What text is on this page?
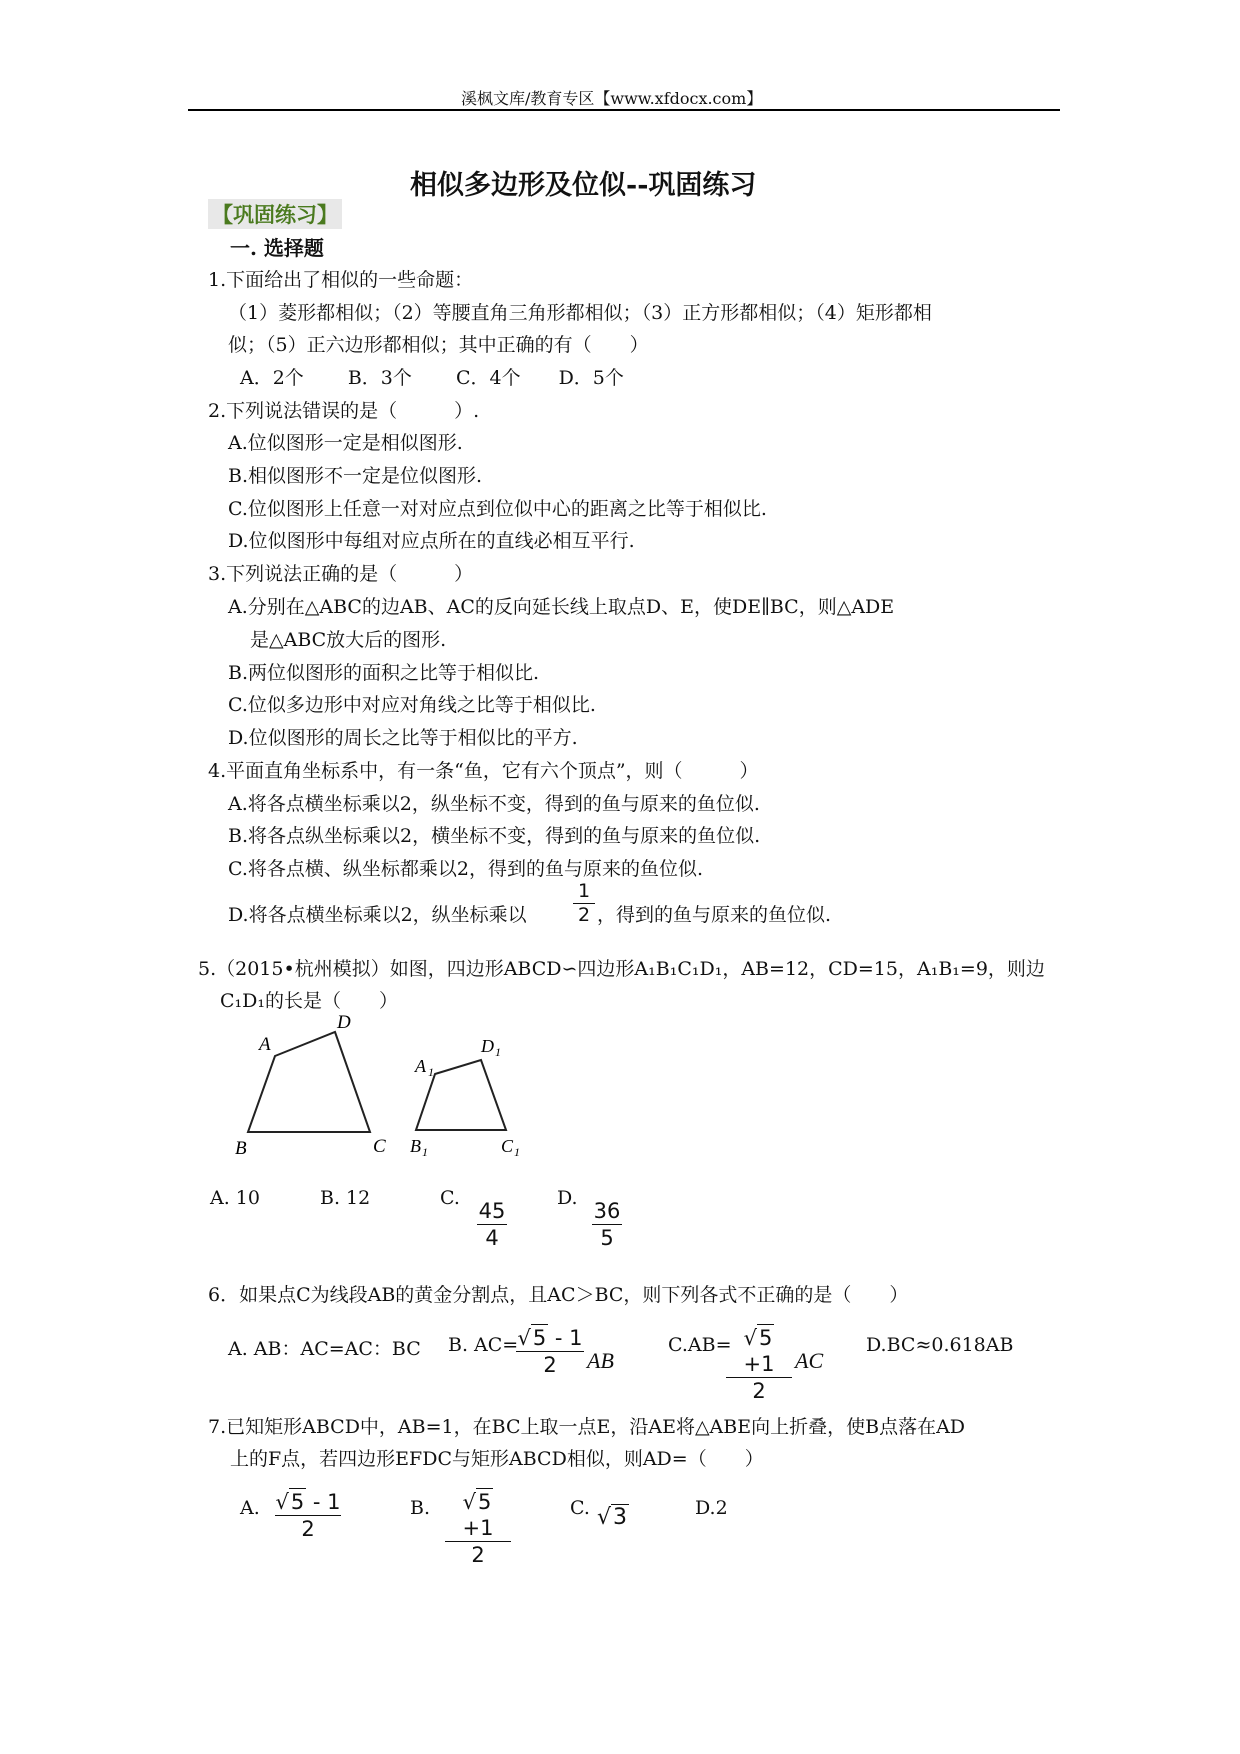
溪枫文库/教育专区【www.xfdocx.com】
相似多边形及位似--巩固练习
【巩固练习】
一. 选择题
1.下面给出了相似的一些命题：
（1）菱形都相似；（2）等腰直角三角形都相似；（3）正方形都相似；（4）矩形都相
似；（5）正六边形都相似；其中正确的有（　　）
A．2个　　 B．3个　　 C．4个　　D．5个
2.下列说法错误的是（　　　）.
A.位似图形一定是相似图形.
B.相似图形不一定是位似图形.
C.位似图形上任意一对对应点到位似中心的距离之比等于相似比.
D.位似图形中每组对应点所在的直线必相互平行.
3.下列说法正确的是（　　　）
A.分别在△ABC的边AB、AC的反向延长线上取点D、E，使DE∥BC，则△ADE
是△ABC放大后的图形.
B.两位似图形的面积之比等于相似比.
C.位似多边形中对应对角线之比等于相似比.
D.位似图形的周长之比等于相似比的平方.
4.平面直角坐标系中，有一条“鱼，它有六个顶点”，则（　　　）
A.将各点横坐标乘以2，纵坐标不变，得到的鱼与原来的鱼位似.
B.将各点纵坐标乘以2，横坐标不变，得到的鱼与原来的鱼位似.
C.将各点横、纵坐标都乘以2，得到的鱼与原来的鱼位似.
D.将各点横坐标乘以2，纵坐标乘以 $\frac{1}{2}$ ，得到的鱼与原来的鱼位似.
5.（2015•杭州模拟）如图，四边形ABCD∽四边形A₁B₁C₁D₁，AB=12，CD=15，A₁B₁=9，则边
C₁D₁的长是（　　）
A
D
B	C
A 1
D 1
B 1	C 1
A. 10	B. 12	C. $\frac{45}{4}$	D. $\frac{36}{5}$
6．如果点C为线段AB的黄金分割点，且AC＞BC，则下列各式不正确的是（　　）
A. AB：AC=AC：BC B. AC=
$\frac{√5 - 1}{2}$ AB
C.AB=
$\frac{√5 +1}{2}$ AC
D.BC≈0.618AB
7.已知矩形ABCD中，AB=1，在BC上取一点E，沿AE将△ABE向上折叠，使B点落在AD
上的F点，若四边形EFDC与矩形ABCD相似，则AD=（　　）
A. $\frac{√5 - 1}{2}$	B. $\frac{√5 +1}{2}$	C. √3	D.2
